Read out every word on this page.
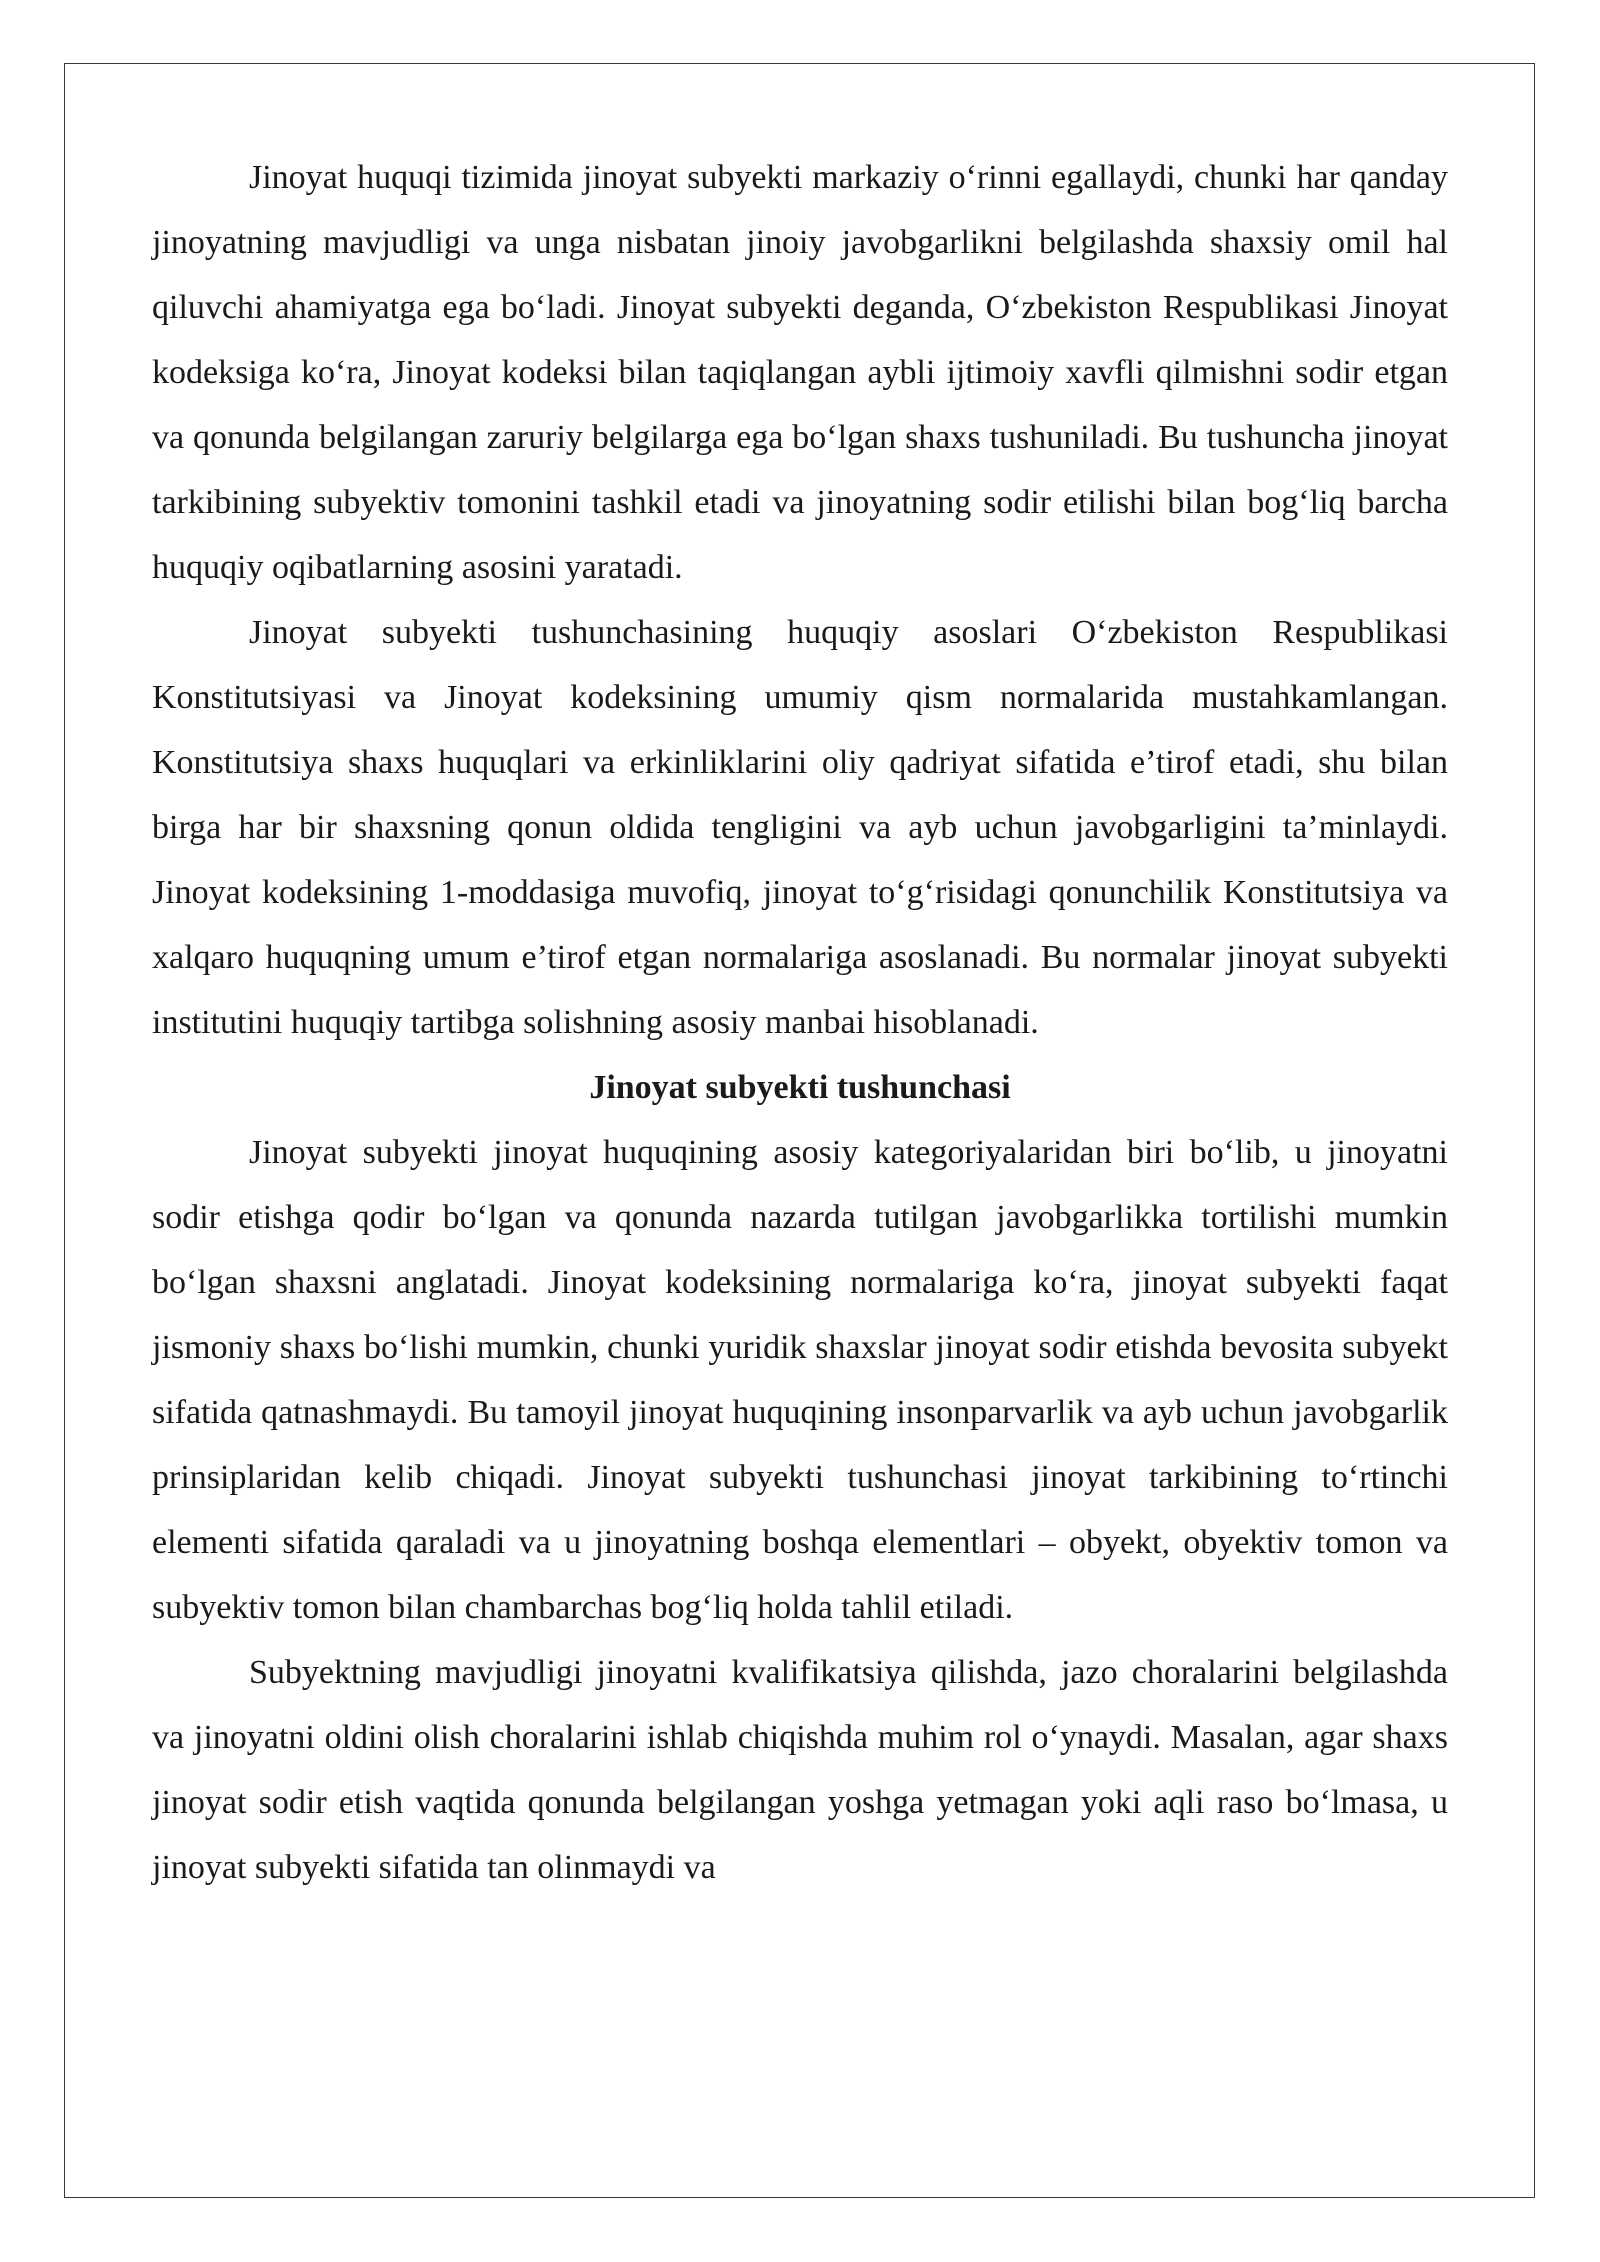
Jinoyat huquqi tizimida jinoyat subyekti markaziy o‘rinni egallaydi, chunki har qanday jinoyatning mavjudligi va unga nisbatan jinoiy javobgarlikni belgilashda shaxsiy omil hal qiluvchi ahamiyatga ega bo‘ladi. Jinoyat subyekti deganda, O‘zbekiston Respublikasi Jinoyat kodeksiga ko‘ra, Jinoyat kodeksi bilan taqiqlangan aybli ijtimoiy xavfli qilmishni sodir etgan va qonunda belgilangan zaruriy belgilarga ega bo‘lgan shaxs tushuniladi. Bu tushuncha jinoyat tarkibining subyektiv tomonini tashkil etadi va jinoyatning sodir etilishi bilan bog‘liq barcha huquqiy oqibatlarning asosini yaratadi.

Jinoyat subyekti tushunchasining huquqiy asoslari O‘zbekiston Respublikasi Konstitutsiyasi va Jinoyat kodeksining umumiy qism normalarida mustahkamlangan. Konstitutsiya shaxs huquqlari va erkinliklarini oliy qadriyat sifatida e’tirof etadi, shu bilan birga har bir shaxsning qonun oldida tengligini va ayb uchun javobgarligini ta’minlaydi. Jinoyat kodeksining 1-moddasiga muvofiq, jinoyat to‘g‘risidagi qonunchilik Konstitutsiya va xalqaro huquqning umum e’tirof etgan normalariga asoslanadi. Bu normalar jinoyat subyekti institutini huquqiy tartibga solishning asosiy manbai hisoblanadi.

Jinoyat subyekti tushunchasi

Jinoyat subyekti jinoyat huquqining asosiy kategoriyalaridan biri bo‘lib, u jinoyatni sodir etishga qodir bo‘lgan va qonunda nazarda tutilgan javobgarlikka tortilishi mumkin bo‘lgan shaxsni anglatadi. Jinoyat kodeksining normalariga ko‘ra, jinoyat subyekti faqat jismoniy shaxs bo‘lishi mumkin, chunki yuridik shaxslar jinoyat sodir etishda bevosita subyekt sifatida qatnashmaydi. Bu tamoyil jinoyat huquqining insonparvarlik va ayb uchun javobgarlik prinsiplaridan kelib chiqadi. Jinoyat subyekti tushunchasi jinoyat tarkibining to‘rtinchi elementi sifatida qaraladi va u jinoyatning boshqa elementlari – obyekt, obyektiv tomon va subyektiv tomon bilan chambarchas bog‘liq holda tahlil etiladi.

Subyektning mavjudligi jinoyatni kvalifikatsiya qilishda, jazo choralarini belgilashda va jinoyatni oldini olish choralarini ishlab chiqishda muhim rol o‘ynaydi. Masalan, agar shaxs jinoyat sodir etish vaqtida qonunda belgilangan yoshga yetmagan yoki aqli raso bo‘lmasa, u jinoyat subyekti sifatida tan olinmaydi va
